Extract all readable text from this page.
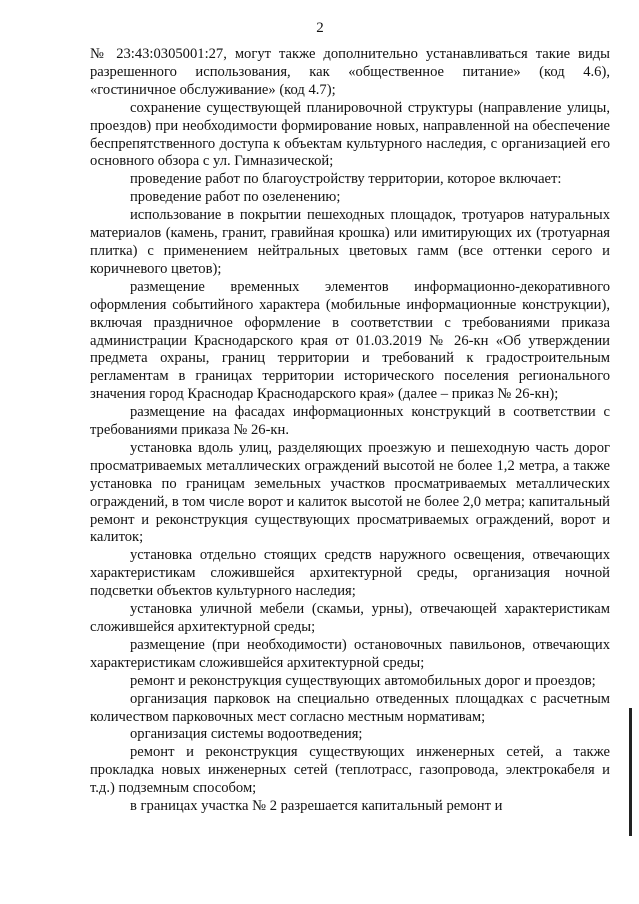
2

№ 23:43:0305001:27, могут также дополнительно устанавливаться такие виды разрешенного использования, как «общественное питание» (код 4.6), «гостиничное обслуживание» (код 4.7);

сохранение существующей планировочной структуры (направление улицы, проездов) при необходимости формирование новых, направленной на обеспечение беспрепятственного доступа к объектам культурного наследия, с организацией его основного обзора с ул. Гимназической;

проведение работ по благоустройству территории, которое включает:

проведение работ по озеленению;

использование в покрытии пешеходных площадок, тротуаров натуральных материалов (камень, гранит, гравийная крошка) или имитирующих их (тротуарная плитка) с применением нейтральных цветовых гамм (все оттенки серого и коричневого цветов);

размещение временных элементов информационно-декоративного оформления событийного характера (мобильные информационные конструкции), включая праздничное оформление в соответствии с требованиями приказа администрации Краснодарского края от 01.03.2019 № 26-кн «Об утверждении предмета охраны, границ территории и требований к градостроительным регламентам в границах территории исторического поселения регионального значения город Краснодар Краснодарского края» (далее – приказ № 26-кн);

размещение на фасадах информационных конструкций в соответствии с требованиями приказа № 26-кн.

установка вдоль улиц, разделяющих проезжую и пешеходную часть дорог просматриваемых металлических ограждений высотой не более 1,2 метра, а также установка по границам земельных участков просматриваемых металлических ограждений, в том числе ворот и калиток высотой не более 2,0 метра; капитальный ремонт и реконструкция существующих просматриваемых ограждений, ворот и калиток;

установка отдельно стоящих средств наружного освещения, отвечающих характеристикам сложившейся архитектурной среды, организация ночной подсветки объектов культурного наследия;

установка уличной мебели (скамьи, урны), отвечающей характеристикам сложившейся архитектурной среды;

размещение (при необходимости) остановочных павильонов, отвечающих характеристикам сложившейся архитектурной среды;

ремонт и реконструкция существующих автомобильных дорог и проездов;

организация парковок на специально отведенных площадках с расчетным количеством парковочных мест согласно местным нормативам;

организация системы водоотведения;

ремонт и реконструкция существующих инженерных сетей, а также прокладка новых инженерных сетей (теплотрасс, газопровода, электрокабеля и т.д.) подземным способом;

в границах участка № 2 разрешается капитальный ремонт и
